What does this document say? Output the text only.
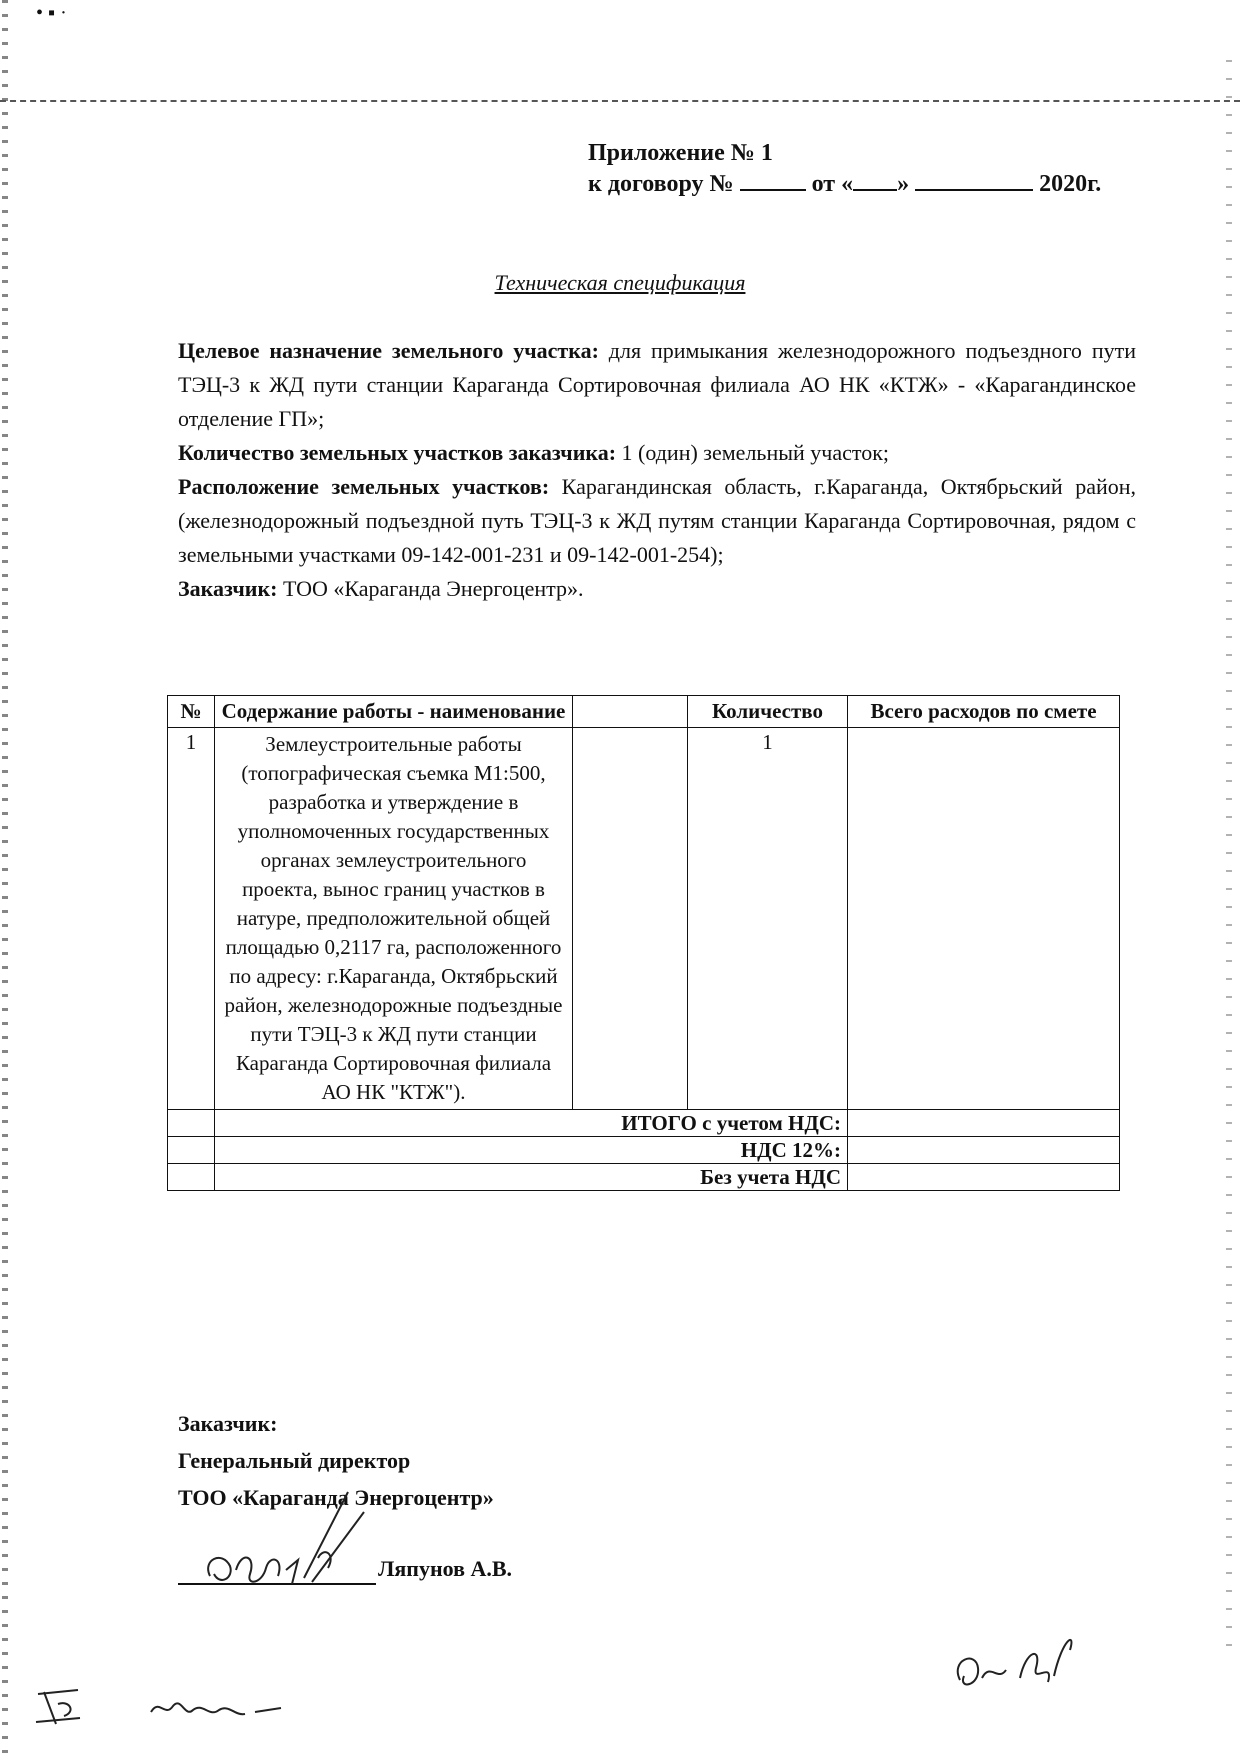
• ▪ ·
Приложение № 1
к договору №	от « »	2020г.
Техническая спецификация

Целевое назначение земельного участка: для примыкания железнодорожного подъездного пути ТЭЦ-3 к ЖД пути станции Караганда Сортировочная филиала АО НК «КТЖ» - «Карагандинское отделение ГП»;

Количество земельных участков заказчика: 1 (один) земельный участок;

Расположение земельных участков: Карагандинская область, г.Караганда, Октябрьский район, (железнодорожный подъездной путь ТЭЦ-3 к ЖД путям станции Караганда Сортировочная, рядом с земельными участками 09-142-001-231 и 09-142-001-254);

Заказчик: ТОО «Караганда Энергоцентр».

№	Содержание работы - наименование		Количество	Всего расходов по смете
1	Землеустроительные работы (топографическая съемка М1:500, разработка и утверждение в уполномоченных государственных органах землеустроительного проекта, вынос границ участков в натуре, предположительной общей площадью 0,2117 га, расположенного по адресу: г.Караганда, Октябрьский район, железнодорожные подъездные пути ТЭЦ-3 к ЖД пути станции Караганда Сортировочная филиала АО НК "КТЖ").		1	
	ИТОГО с учетом НДС:			
	НДС 12%:			
	Без учета НДС			

Заказчик:

Генеральный директор

ТОО «Караганда Энергоцентр»

Ляпунов А.В.
